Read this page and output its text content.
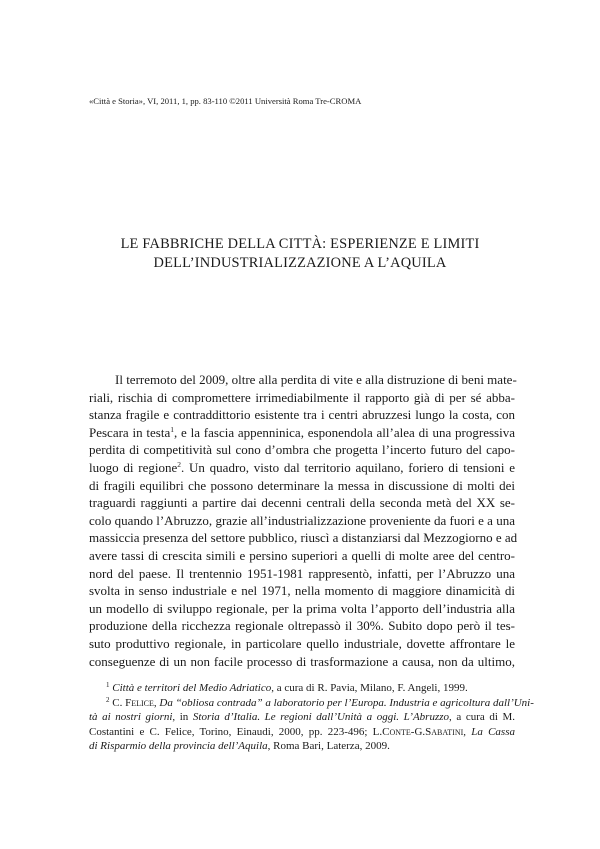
«Città e Storia», VI, 2011, 1, pp. 83-110 ©2011 Università Roma Tre-CROMA
LE FABBRICHE DELLA CITTÀ: ESPERIENZE E LIMITI
DELL’INDUSTRIALIZZAZIONE A L’AQUILA
Il terremoto del 2009, oltre alla perdita di vite e alla distruzione di beni mate-
riali, rischia di compromettere irrimediabilmente il rapporto già di per sé abba-
stanza fragile e contraddittorio esistente tra i centri abruzzesi lungo la costa, con
Pescara in testa$^1$, e la fascia appenninica, esponendola all’alea di una progressiva
perdita di competitività sul cono d’ombra che progetta l’incerto futuro del capo-
luogo di regione$^2$. Un quadro, visto dal territorio aquilano, foriero di tensioni e
di fragili equilibri che possono determinare la messa in discussione di molti dei
traguardi raggiunti a partire dai decenni centrali della seconda metà del XX se-
colo quando l’Abruzzo, grazie all’industrializzazione proveniente da fuori e a una
massiccia presenza del settore pubblico, riuscì a distanziarsi dal Mezzogiorno e ad
avere tassi di crescita simili e persino superiori a quelli di molte aree del centro-
nord del paese. Il trentennio 1951-1981 rappresentò, infatti, per l’Abruzzo una
svolta in senso industriale e nel 1971, nella momento di maggiore dinamicità di
un modello di sviluppo regionale, per la prima volta l’apporto dell’industria alla
produzione della ricchezza regionale oltrepassò il 30%. Subito dopo però il tes-
suto produttivo regionale, in particolare quello industriale, dovette affrontare le
conseguenze di un non facile processo di trasformazione a causa, non da ultimo,
$^1$ Città e territori del Medio Adriatico, a cura di R. Pavia, Milano, F. Angeli, 1999.
$^2$ C. Felice, Da “obliosa contrada” a laboratorio per l’Europa. Industria e agricoltura dall’Uni-
tà ai nostri giorni, in Storia d’Italia. Le regioni dall’Unità a oggi. L’Abruzzo, a cura di M.
Costantini e C. Felice, Torino, Einaudi, 2000, pp. 223-496; L.Conte-G.Sabatini, La Cassa
di Risparmio della provincia dell’Aquila, Roma Bari, Laterza, 2009.
